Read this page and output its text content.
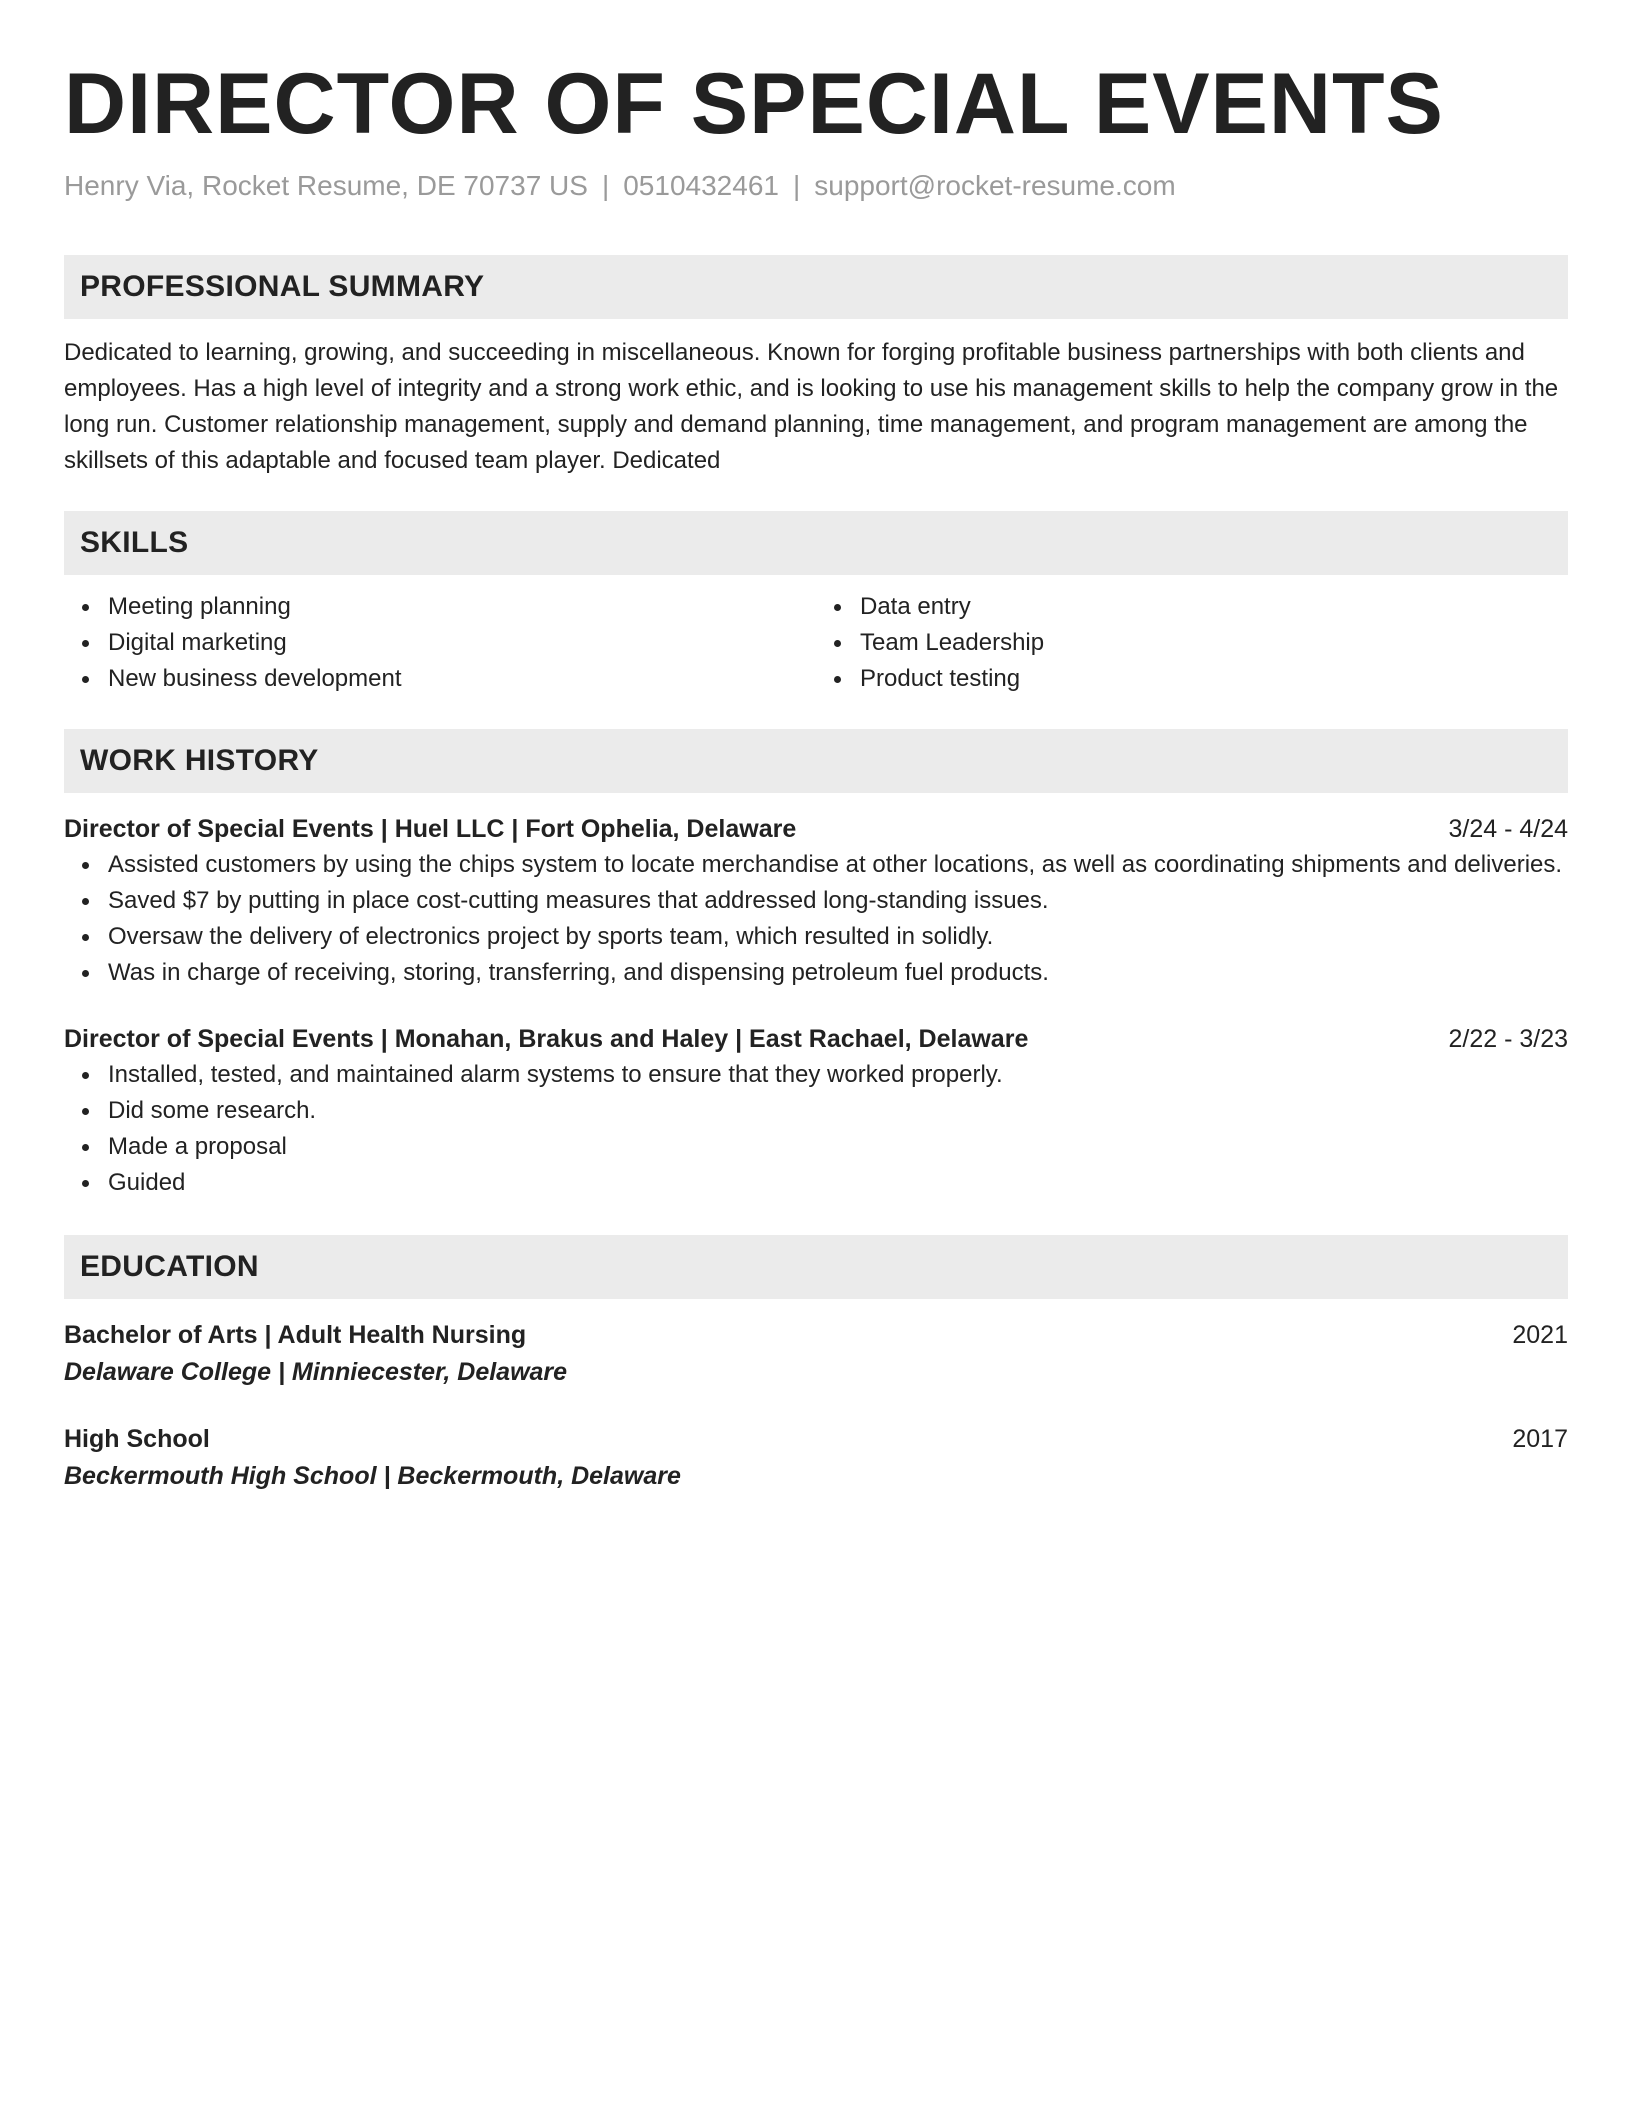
DIRECTOR OF SPECIAL EVENTS
Henry Via, Rocket Resume, DE 70737 US | 0510432461 | support@rocket-resume.com
PROFESSIONAL SUMMARY

Dedicated to learning, growing, and succeeding in miscellaneous. Known for forging profitable business partnerships with both clients and employees. Has a high level of integrity and a strong work ethic, and is looking to use his management skills to help the company grow in the long run. Customer relationship management, supply and demand planning, time management, and program management are among the skillsets of this adaptable and focused team player. Dedicated

SKILLS
Meeting planning
Digital marketing
New business development
Data entry
Team Leadership
Product testing
WORK HISTORY
Director of Special Events | Huel LLC | Fort Ophelia, Delaware	3/24 - 4/24
Assisted customers by using the chips system to locate merchandise at other locations, as well as coordinating shipments and deliveries.
Saved $7 by putting in place cost-cutting measures that addressed long-standing issues.
Oversaw the delivery of electronics project by sports team, which resulted in solidly.
Was in charge of receiving, storing, transferring, and dispensing petroleum fuel products.
Director of Special Events | Monahan, Brakus and Haley | East Rachael, Delaware	2/22 - 3/23
Installed, tested, and maintained alarm systems to ensure that they worked properly.
Did some research.
Made a proposal
Guided
EDUCATION
Bachelor of Arts | Adult Health Nursing	2021
Delaware College | Minniecester, Delaware
High School	2017
Beckermouth High School | Beckermouth, Delaware
